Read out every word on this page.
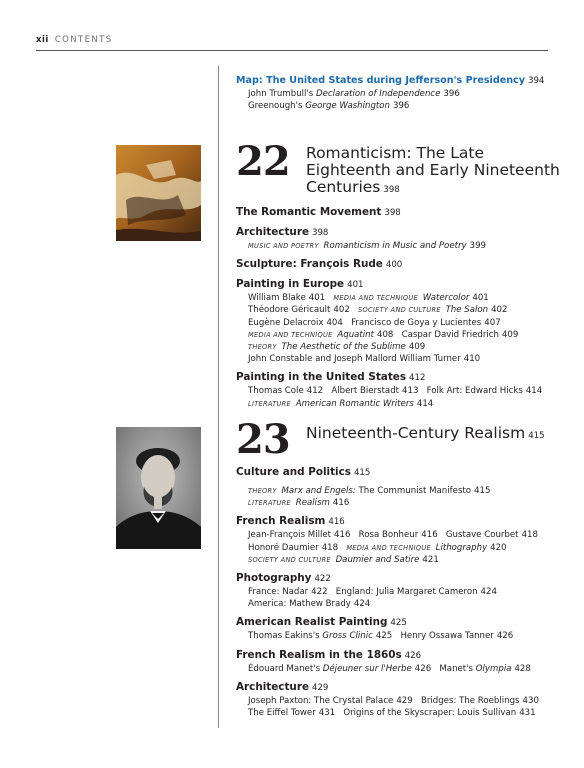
xii CONTENTS
Map: The United States during Jefferson's Presidency 394
John Trumbull's Declaration of Independence 396
Greenough's George Washington 396
22 Romanticism: The Late
Eighteenth and Early Nineteenth
Centuries 398
The Romantic Movement 398
Architecture 398
MUSIC AND POETRY Romanticism in Music and Poetry 399
Sculpture: François Rude 400
Painting in Europe 401
William Blake 401 MEDIA AND TECHNIQUE Watercolor 401
Théodore Géricault 402 SOCIETY AND CULTURE The Salon 402
Eugène Delacroix 404 Francisco de Goya y Lucientes 407
MEDIA AND TECHNIQUE Aquatint 408 Caspar David Friedrich 409
THEORY The Aesthetic of the Sublime 409
John Constable and Joseph Mallord William Turner 410
Painting in the United States 412
Thomas Cole 412 Albert Bierstadt 413 Folk Art: Edward Hicks 414
LITERATURE American Romantic Writers 414
23 Nineteenth-Century Realism 415
Culture and Politics 415
THEORY Marx and Engels: The Communist Manifesto 415
LITERATURE Realism 416
French Realism 416
Jean-François Millet 416 Rosa Bonheur 416 Gustave Courbet 418
Honoré Daumier 418 MEDIA AND TECHNIQUE Lithography 420
SOCIETY AND CULTURE Daumier and Satire 421
Photography 422
France: Nadar 422 England: Julia Margaret Cameron 424
America: Mathew Brady 424
American Realist Painting 425
Thomas Eakins's Gross Clinic 425 Henry Ossawa Tanner 426
French Realism in the 1860s 426
Édouard Manet's Déjeuner sur l'Herbe 426 Manet's Olympia 428
Architecture 429
Joseph Paxton: The Crystal Palace 429 Bridges: The Roeblings 430
The Eiffel Tower 431 Origins of the Skyscraper: Louis Sullivan 431
